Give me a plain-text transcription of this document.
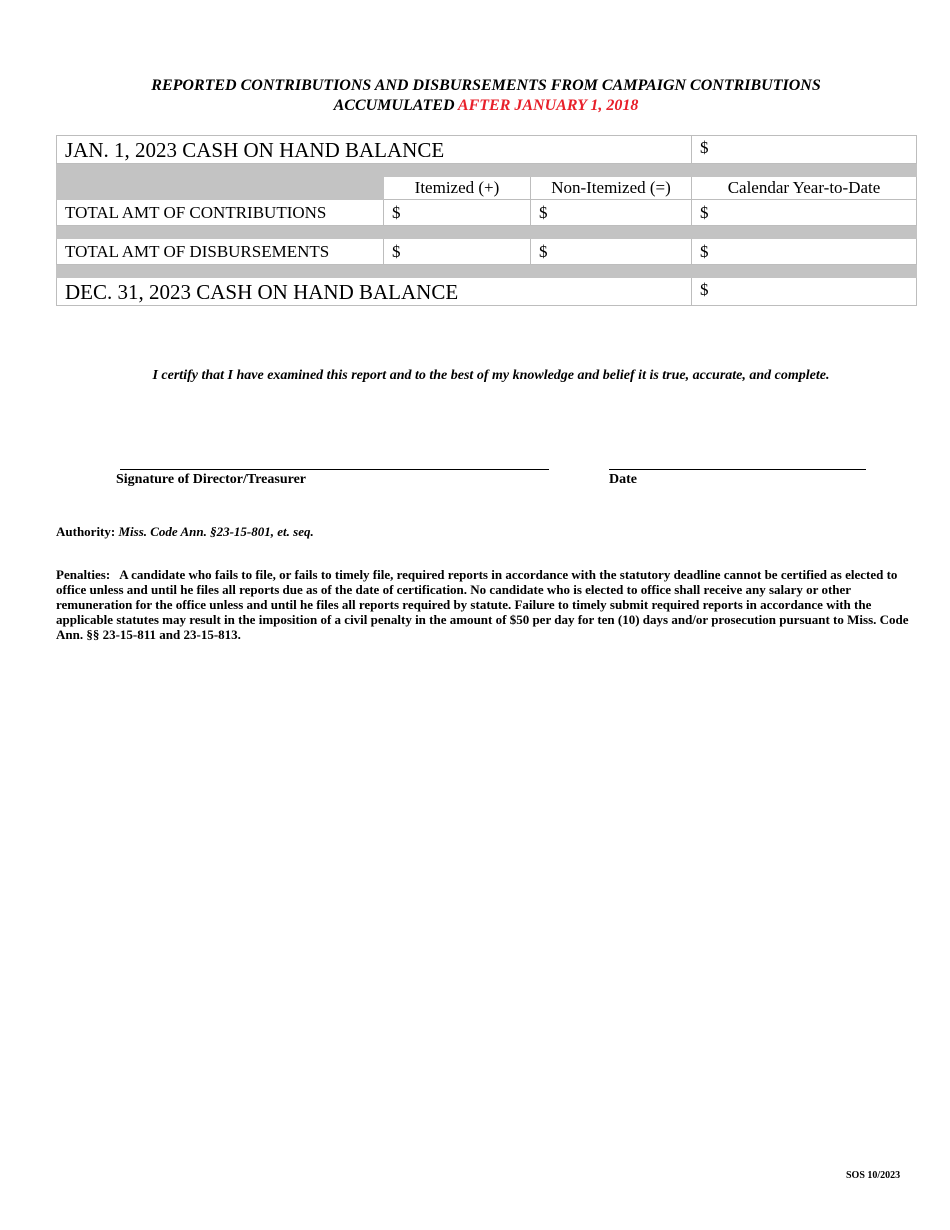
REPORTED CONTRIBUTIONS AND DISBURSEMENTS FROM CAMPAIGN CONTRIBUTIONS
ACCUMULATED AFTER JANUARY 1, 2018
JAN. 1, 2023 CASH ON HAND BALANCE			$

	Itemized (+)	Non-Itemized (=)	Calendar Year-to-Date
TOTAL AMT OF CONTRIBUTIONS	$	$	$

TOTAL AMT OF DISBURSEMENTS	$	$	$

DEC. 31, 2023 CASH ON HAND BALANCE			$
I certify that I have examined this report and to the best of my knowledge and belief it is true, accurate, and complete.
Signature of Director/Treasurer	Date
Authority: Miss. Code Ann. §23-15-801, et. seq.
Penalties: A candidate who fails to file, or fails to timely file, required reports in accordance with the statutory deadline cannot be certified as elected to office unless and until he files all reports due as of the date of certification. No candidate who is elected to office shall receive any salary or other remuneration for the office unless and until he files all reports required by statute. Failure to timely submit required reports in accordance with the applicable statutes may result in the imposition of a civil penalty in the amount of $50 per day for ten (10) days and/or prosecution pursuant to Miss. Code Ann. §§ 23-15-811 and 23-15-813.
SOS 10/2023
